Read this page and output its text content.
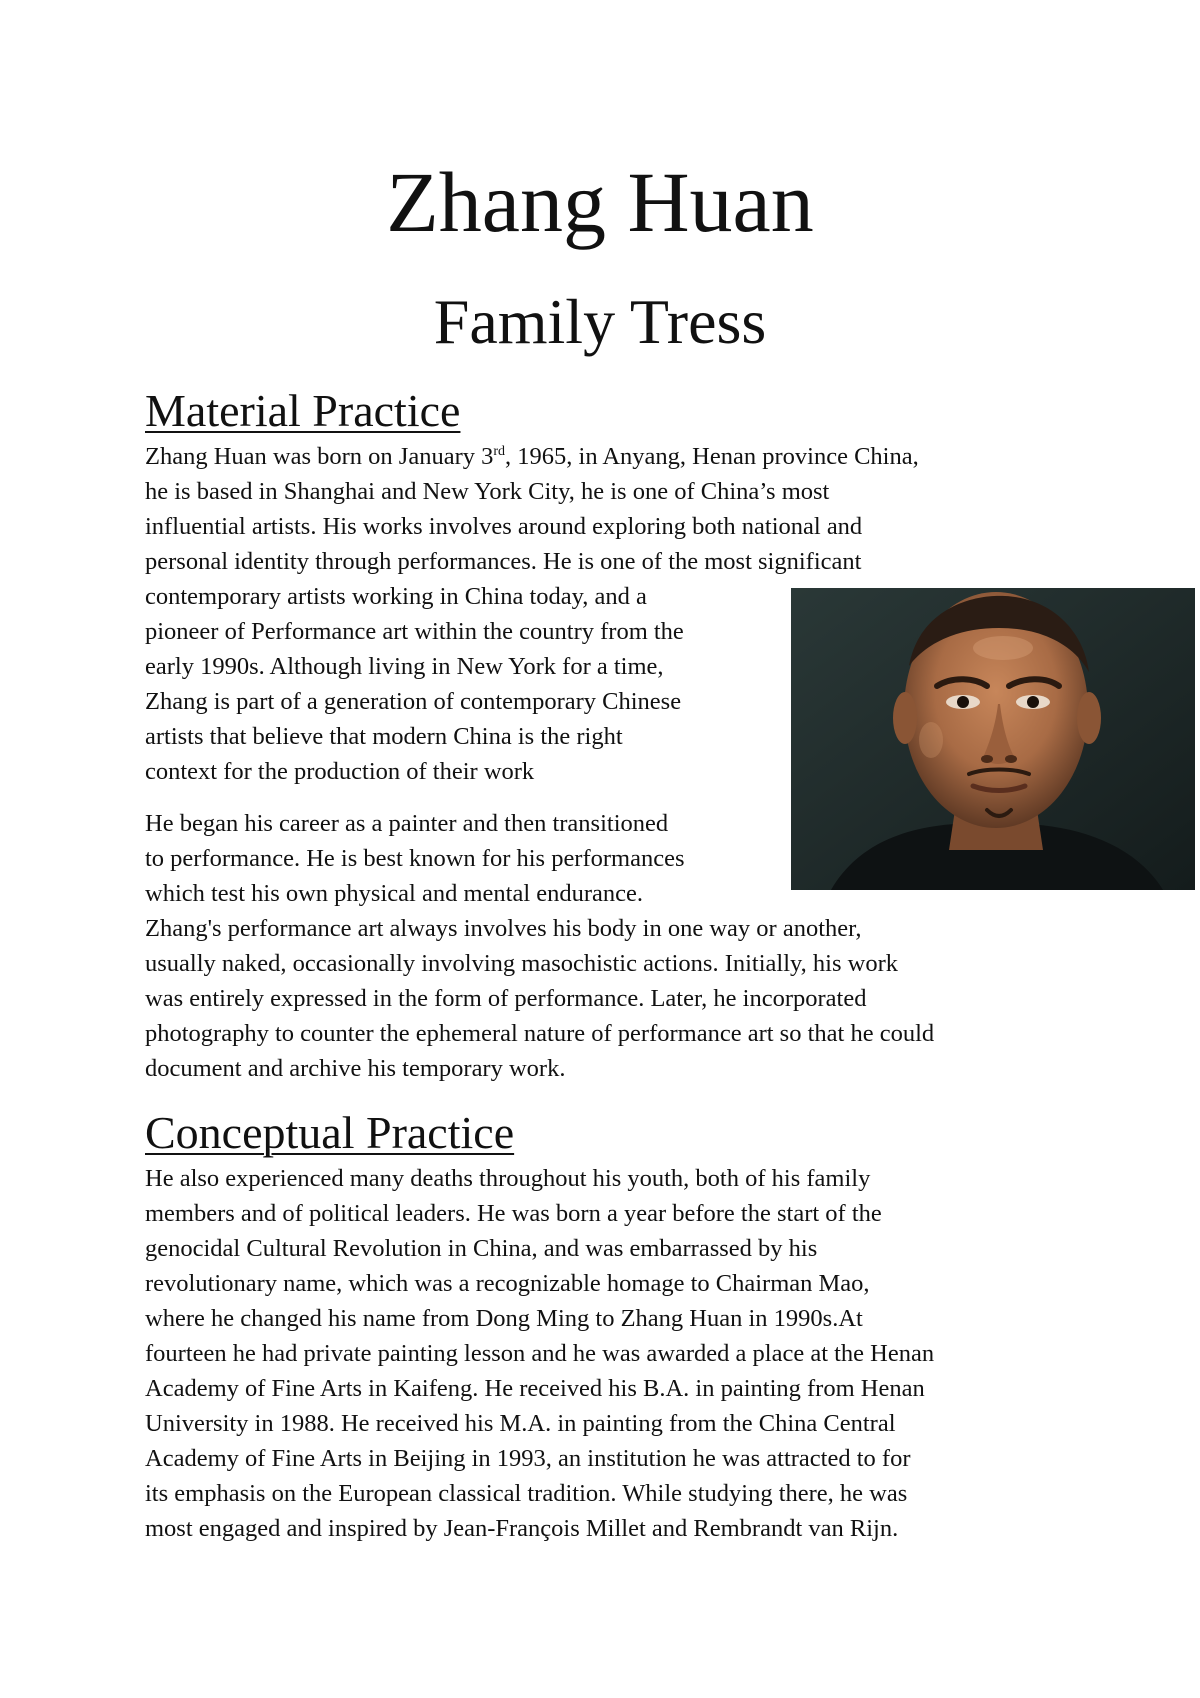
Zhang Huan
Family Tress
Material Practice

Zhang Huan was born on January 3rd, 1965, in Anyang, Henan province China,
he is based in Shanghai and New York City, he is one of China’s most
influential artists. His works involves around exploring both national and
personal identity through performances. He is one of the most significant
contemporary artists working in China today, and a
pioneer of Performance art within the country from the
early 1990s. Although living in New York for a time,
Zhang is part of a generation of contemporary Chinese
artists that believe that modern China is the right
context for the production of their work

He began his career as a painter and then transitioned
to performance. He is best known for his performances
which test his own physical and mental endurance.
Zhang's performance art always involves his body in one way or another,
usually naked, occasionally involving masochistic actions. Initially, his work
was entirely expressed in the form of performance. Later, he incorporated
photography to counter the ephemeral nature of performance art so that he could
document and archive his temporary work.

Conceptual Practice

He also experienced many deaths throughout his youth, both of his family
members and of political leaders. He was born a year before the start of the
genocidal Cultural Revolution in China, and was embarrassed by his
revolutionary name, which was a recognizable homage to Chairman Mao,
where he changed his name from Dong Ming to Zhang Huan in 1990s.At
fourteen he had private painting lesson and he was awarded a place at the Henan
Academy of Fine Arts in Kaifeng. He received his B.A. in painting from Henan
University in 1988. He received his M.A. in painting from the China Central
Academy of Fine Arts in Beijing in 1993, an institution he was attracted to for
its emphasis on the European classical tradition. While studying there, he was
most engaged and inspired by Jean-François Millet and Rembrandt van Rijn.
